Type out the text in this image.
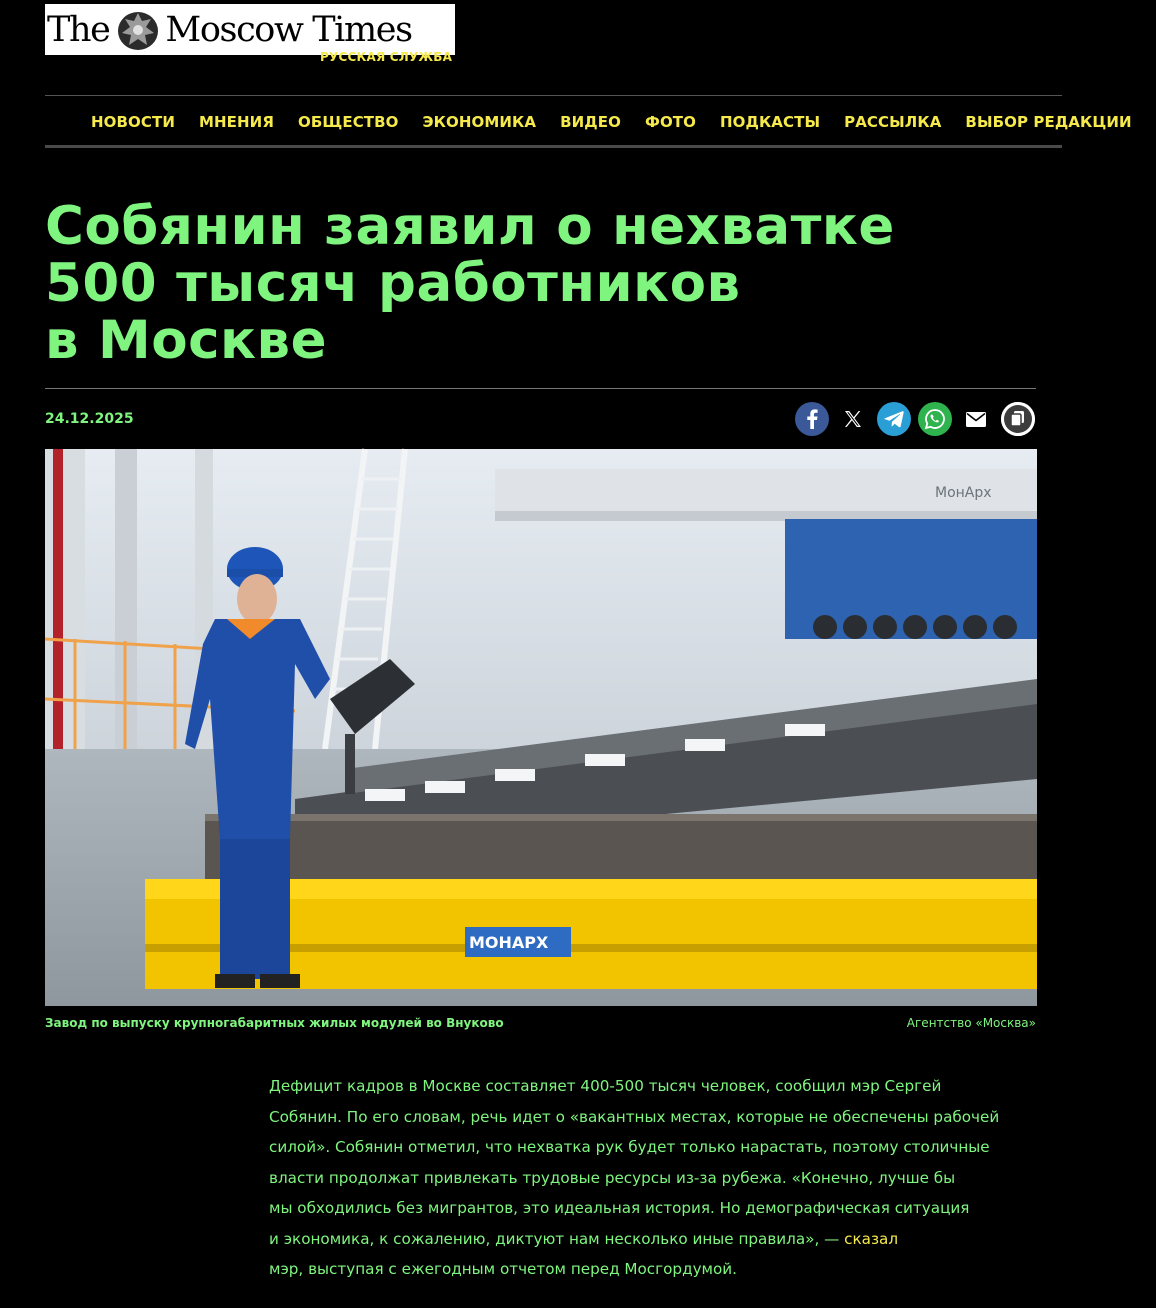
The Moscow Times
РУССКАЯ СЛУЖБА
НОВОСТИ МНЕНИЯ ОБЩЕСТВО ЭКОНОМИКА ВИДЕО ФОТО ПОДКАСТЫ РАССЫЛКА ВЫБОР РЕДАКЦИИ
Собянин заявил о нехватке
500 тысяч работников
в Москве
24.12.2025
МонАрх
МОНАРХ
Завод по выпуску крупногабаритных жилых модулей во Внуково	Агентство «Москва»
Дефицит кадров в Москве составляет 400-500 тысяч человек, сообщил мэр Сергей
Собянин. По его словам, речь идет о «вакантных местах, которые не обеспечены рабочей
силой». Собянин отметил, что нехватка рук будет только нарастать, поэтому столичные
власти продолжат привлекать трудовые ресурсы из-за рубежа. «Конечно, лучше бы
мы обходились без мигрантов, это идеальная история. Но демографическая ситуация
и экономика, к сожалению, диктуют нам несколько иные правила», — сказал
мэр, выступая с ежегодным отчетом перед Мосгордумой.
